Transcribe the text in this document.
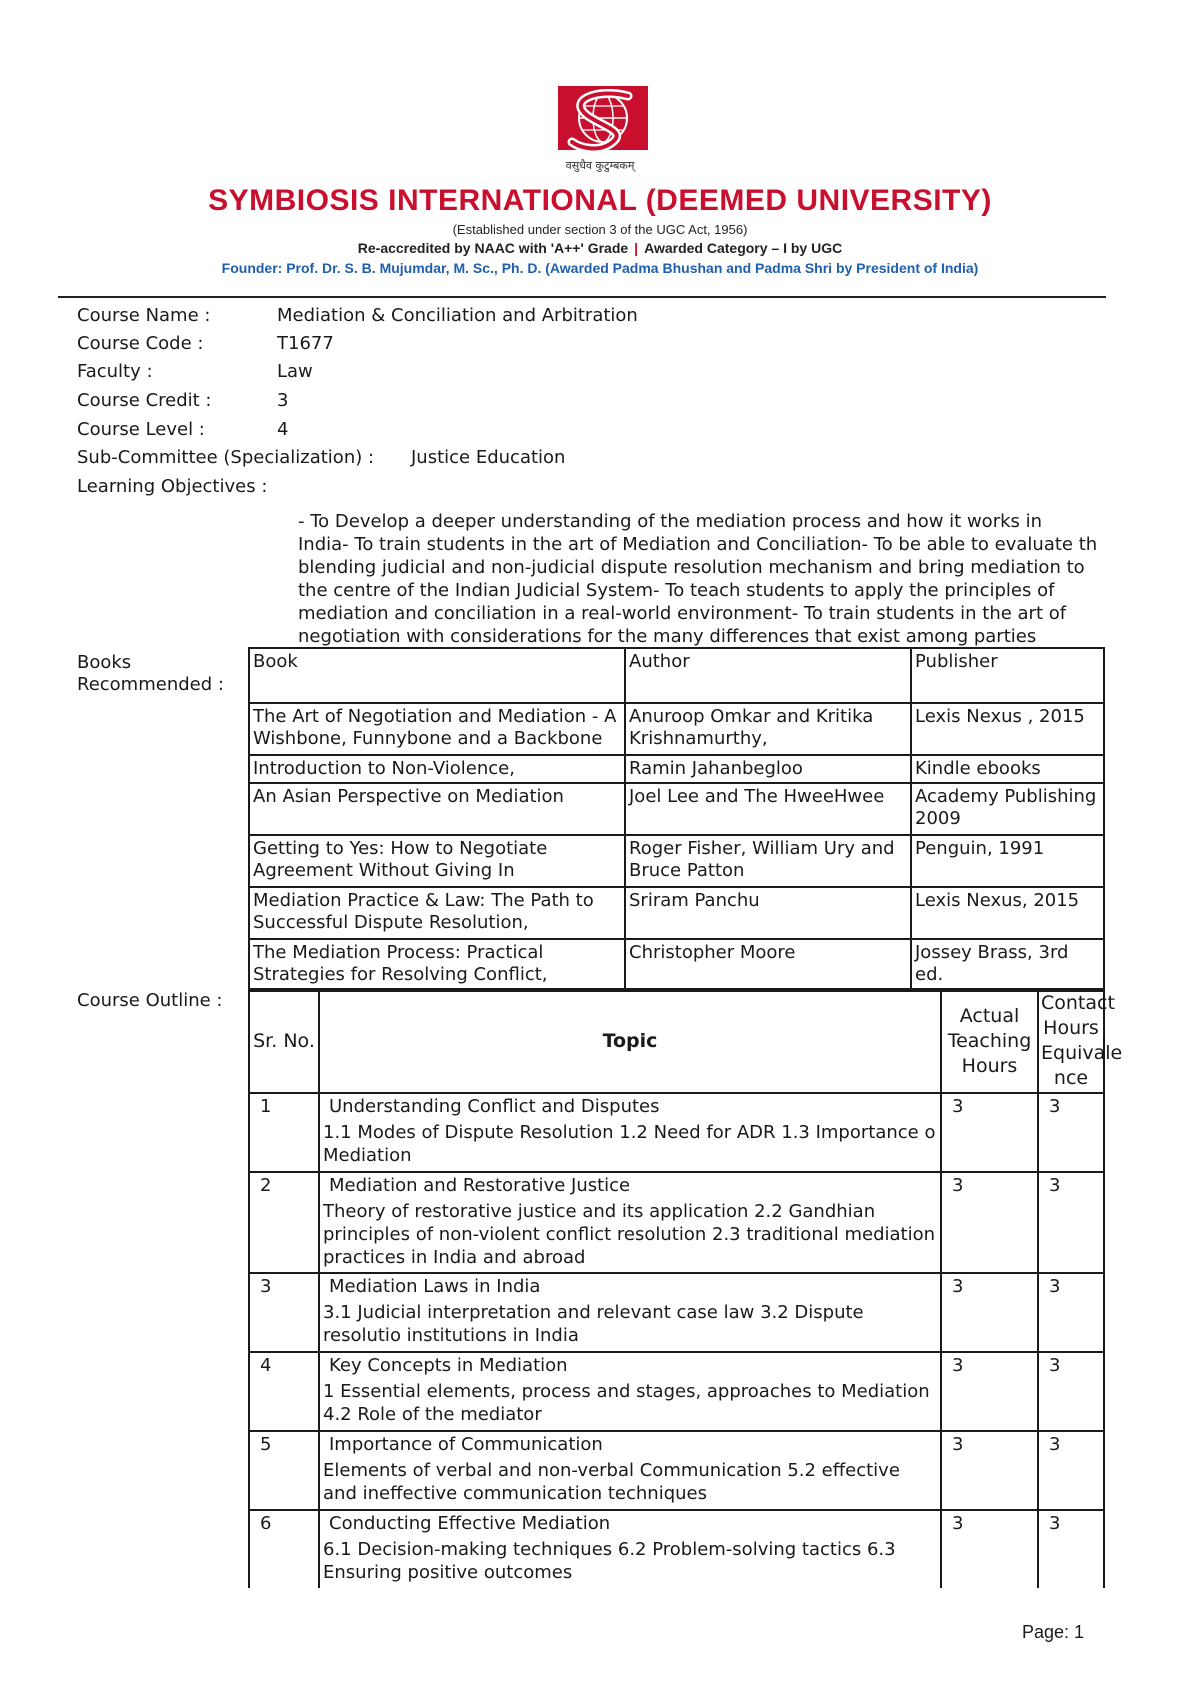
वसुधैव कुटुम्बकम्
SYMBIOSIS INTERNATIONAL (DEEMED UNIVERSITY)
(Established under section 3 of the UGC Act, 1956)
Re-accredited by NAAC with 'A++' Grade | Awarded Category – I by UGC
Founder: Prof. Dr. S. B. Mujumdar, M. Sc., Ph. D. (Awarded Padma Bhushan and Padma Shri by President of India)
Course Name :	Mediation & Conciliation and Arbitration
Course Code :	T1677
Faculty :	Law
Course Credit :	3
Course Level :	4
Sub-Committee (Specialization) : Justice Education
Learning Objectives :
- To Develop a deeper understanding of the mediation process and how it works in
India- To train students in the art of Mediation and Conciliation- To be able to evaluate th
blending judicial and non-judicial dispute resolution mechanism and bring mediation to
the centre of the Indian Judicial System- To teach students to apply the principles of
mediation and conciliation in a real-world environment- To train students in the art of
negotiation with considerations for the many differences that exist among parties
Books Recommended :
Book	Author	Publisher

The Art of Negotiation and Mediation - A Wishbone, Funnybone and a Backbone	Anuroop Omkar and Kritika Krishnamurthy,	Lexis Nexus , 2015

Introduction to Non-Violence,	Ramin Jahanbegloo	Kindle ebooks

An Asian Perspective on Mediation	Joel Lee and The HweeHwee	Academy Publishing 2009

Getting to Yes: How to Negotiate Agreement Without Giving In	Roger Fisher, William Ury and Bruce Patton	Penguin, 1991

Mediation Practice & Law: The Path to Successful Dispute Resolution,	Sriram Panchu	Lexis Nexus, 2015

The Mediation Process: Practical Strategies for Resolving Conflict,	Christopher Moore	Jossey Brass, 3rd ed.
Course Outline :
Sr. No.	Topic	Actual Teaching Hours	Contact Hours Equivale nce
1	Understanding Conflict and Disputes
1.1 Modes of Dispute Resolution 1.2 Need for ADR 1.3 Importance o Mediation	3	3
2	Mediation and Restorative Justice
Theory of restorative justice and its application 2.2 Gandhian principles of non-violent conflict resolution 2.3 traditional mediation practices in India and abroad	3	3
3	Mediation Laws in India
3.1 Judicial interpretation and relevant case law 3.2 Dispute resolutio institutions in India	3	3
4	Key Concepts in Mediation
1 Essential elements, process and stages, approaches to Mediation 4.2 Role of the mediator	3	3
5	Importance of Communication
Elements of verbal and non-verbal Communication 5.2 effective and ineffective communication techniques	3	3
6	Conducting Effective Mediation
6.1 Decision-making techniques 6.2 Problem-solving tactics 6.3 Ensuring positive outcomes	3	3
Page: 1
